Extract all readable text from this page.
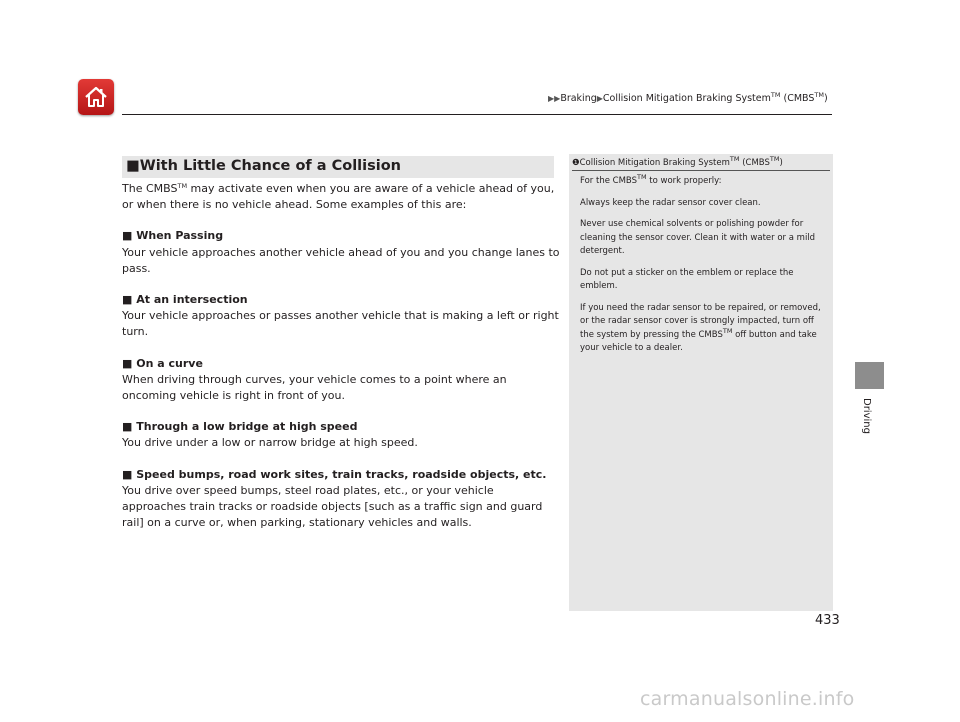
▶▶Braking▶Collision Mitigation Braking System™ (CMBS™)
Driving
■With Little Chance of a Collision

The CMBS™ may activate even when you are aware of a vehicle ahead of you, or when there is no vehicle ahead. Some examples of this are:

■ When Passing

Your vehicle approaches another vehicle ahead of you and you change lanes to pass.

■ At an intersection

Your vehicle approaches or passes another vehicle that is making a left or right turn.

■ On a curve

When driving through curves, your vehicle comes to a point where an oncoming vehicle is right in front of you.

■ Through a low bridge at high speed

You drive under a low or narrow bridge at high speed.

■ Speed bumps, road work sites, train tracks, roadside objects, etc.

You drive over speed bumps, steel road plates, etc., or your vehicle approaches train tracks or roadside objects [such as a traffic sign and guard rail] on a curve or, when parking, stationary vehicles and walls.

❶Collision Mitigation Braking System™ (CMBS™)

For the CMBS™ to work properly:

Always keep the radar sensor cover clean.

Never use chemical solvents or polishing powder for cleaning the sensor cover. Clean it with water or a mild detergent.

Do not put a sticker on the emblem or replace the emblem.

If you need the radar sensor to be repaired, or removed, or the radar sensor cover is strongly impacted, turn off the system by pressing the CMBS™ off button and take your vehicle to a dealer.

433
carmanualsonline.info
